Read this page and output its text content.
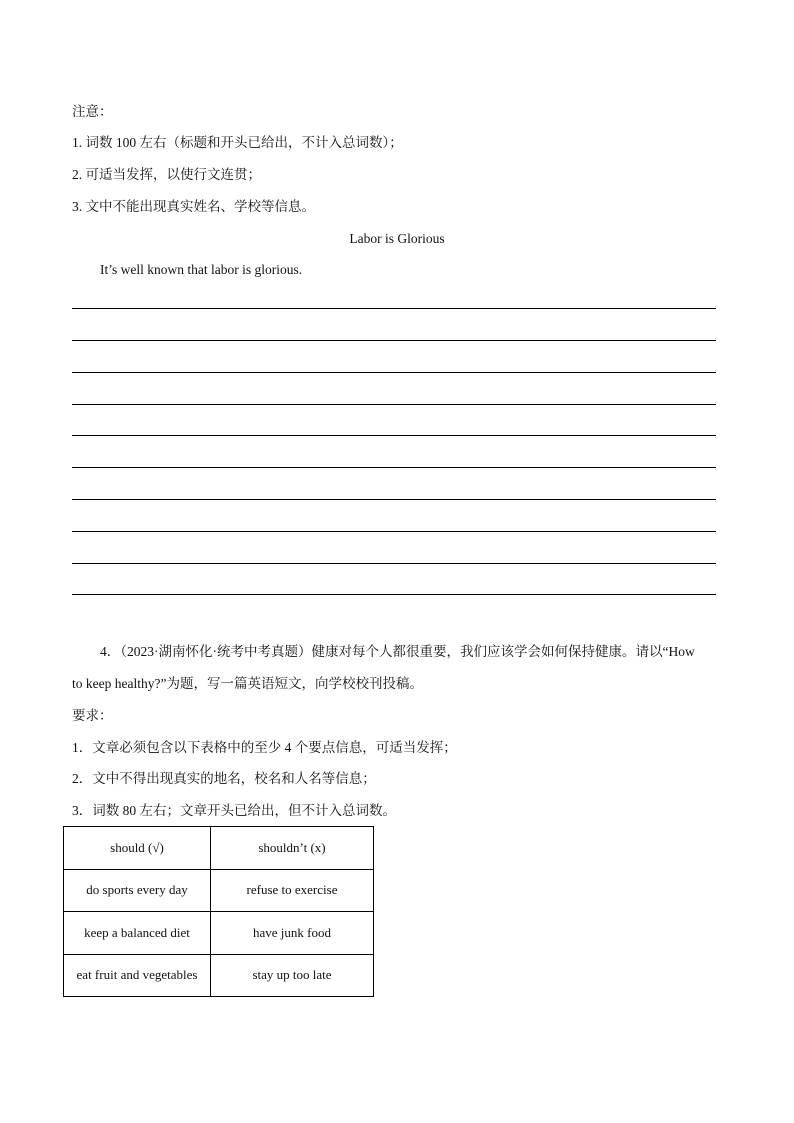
注意：
1. 词数 100 左右（标题和开头已给出，不计入总词数）；
2. 可适当发挥，以使行文连贯；
3. 文中不能出现真实姓名、学校等信息。
Labor is Glorious
It’s well known that labor is glorious.
4．（2023·湖南怀化·统考中考真题）健康对每个人都很重要，我们应该学会如何保持健康。请以“How
to keep healthy?”为题，写一篇英语短文，向学校校刊投稿。
要求：
1．文章必须包含以下表格中的至少 4 个要点信息，可适当发挥；
2．文中不得出现真实的地名，校名和人名等信息；
3．词数 80 左右；文章开头已给出，但不计入总词数。
should (√)	shouldn’t (x)
do sports every day	refuse to exercise
keep a balanced diet	have junk food
eat fruit and vegetables	stay up too late
